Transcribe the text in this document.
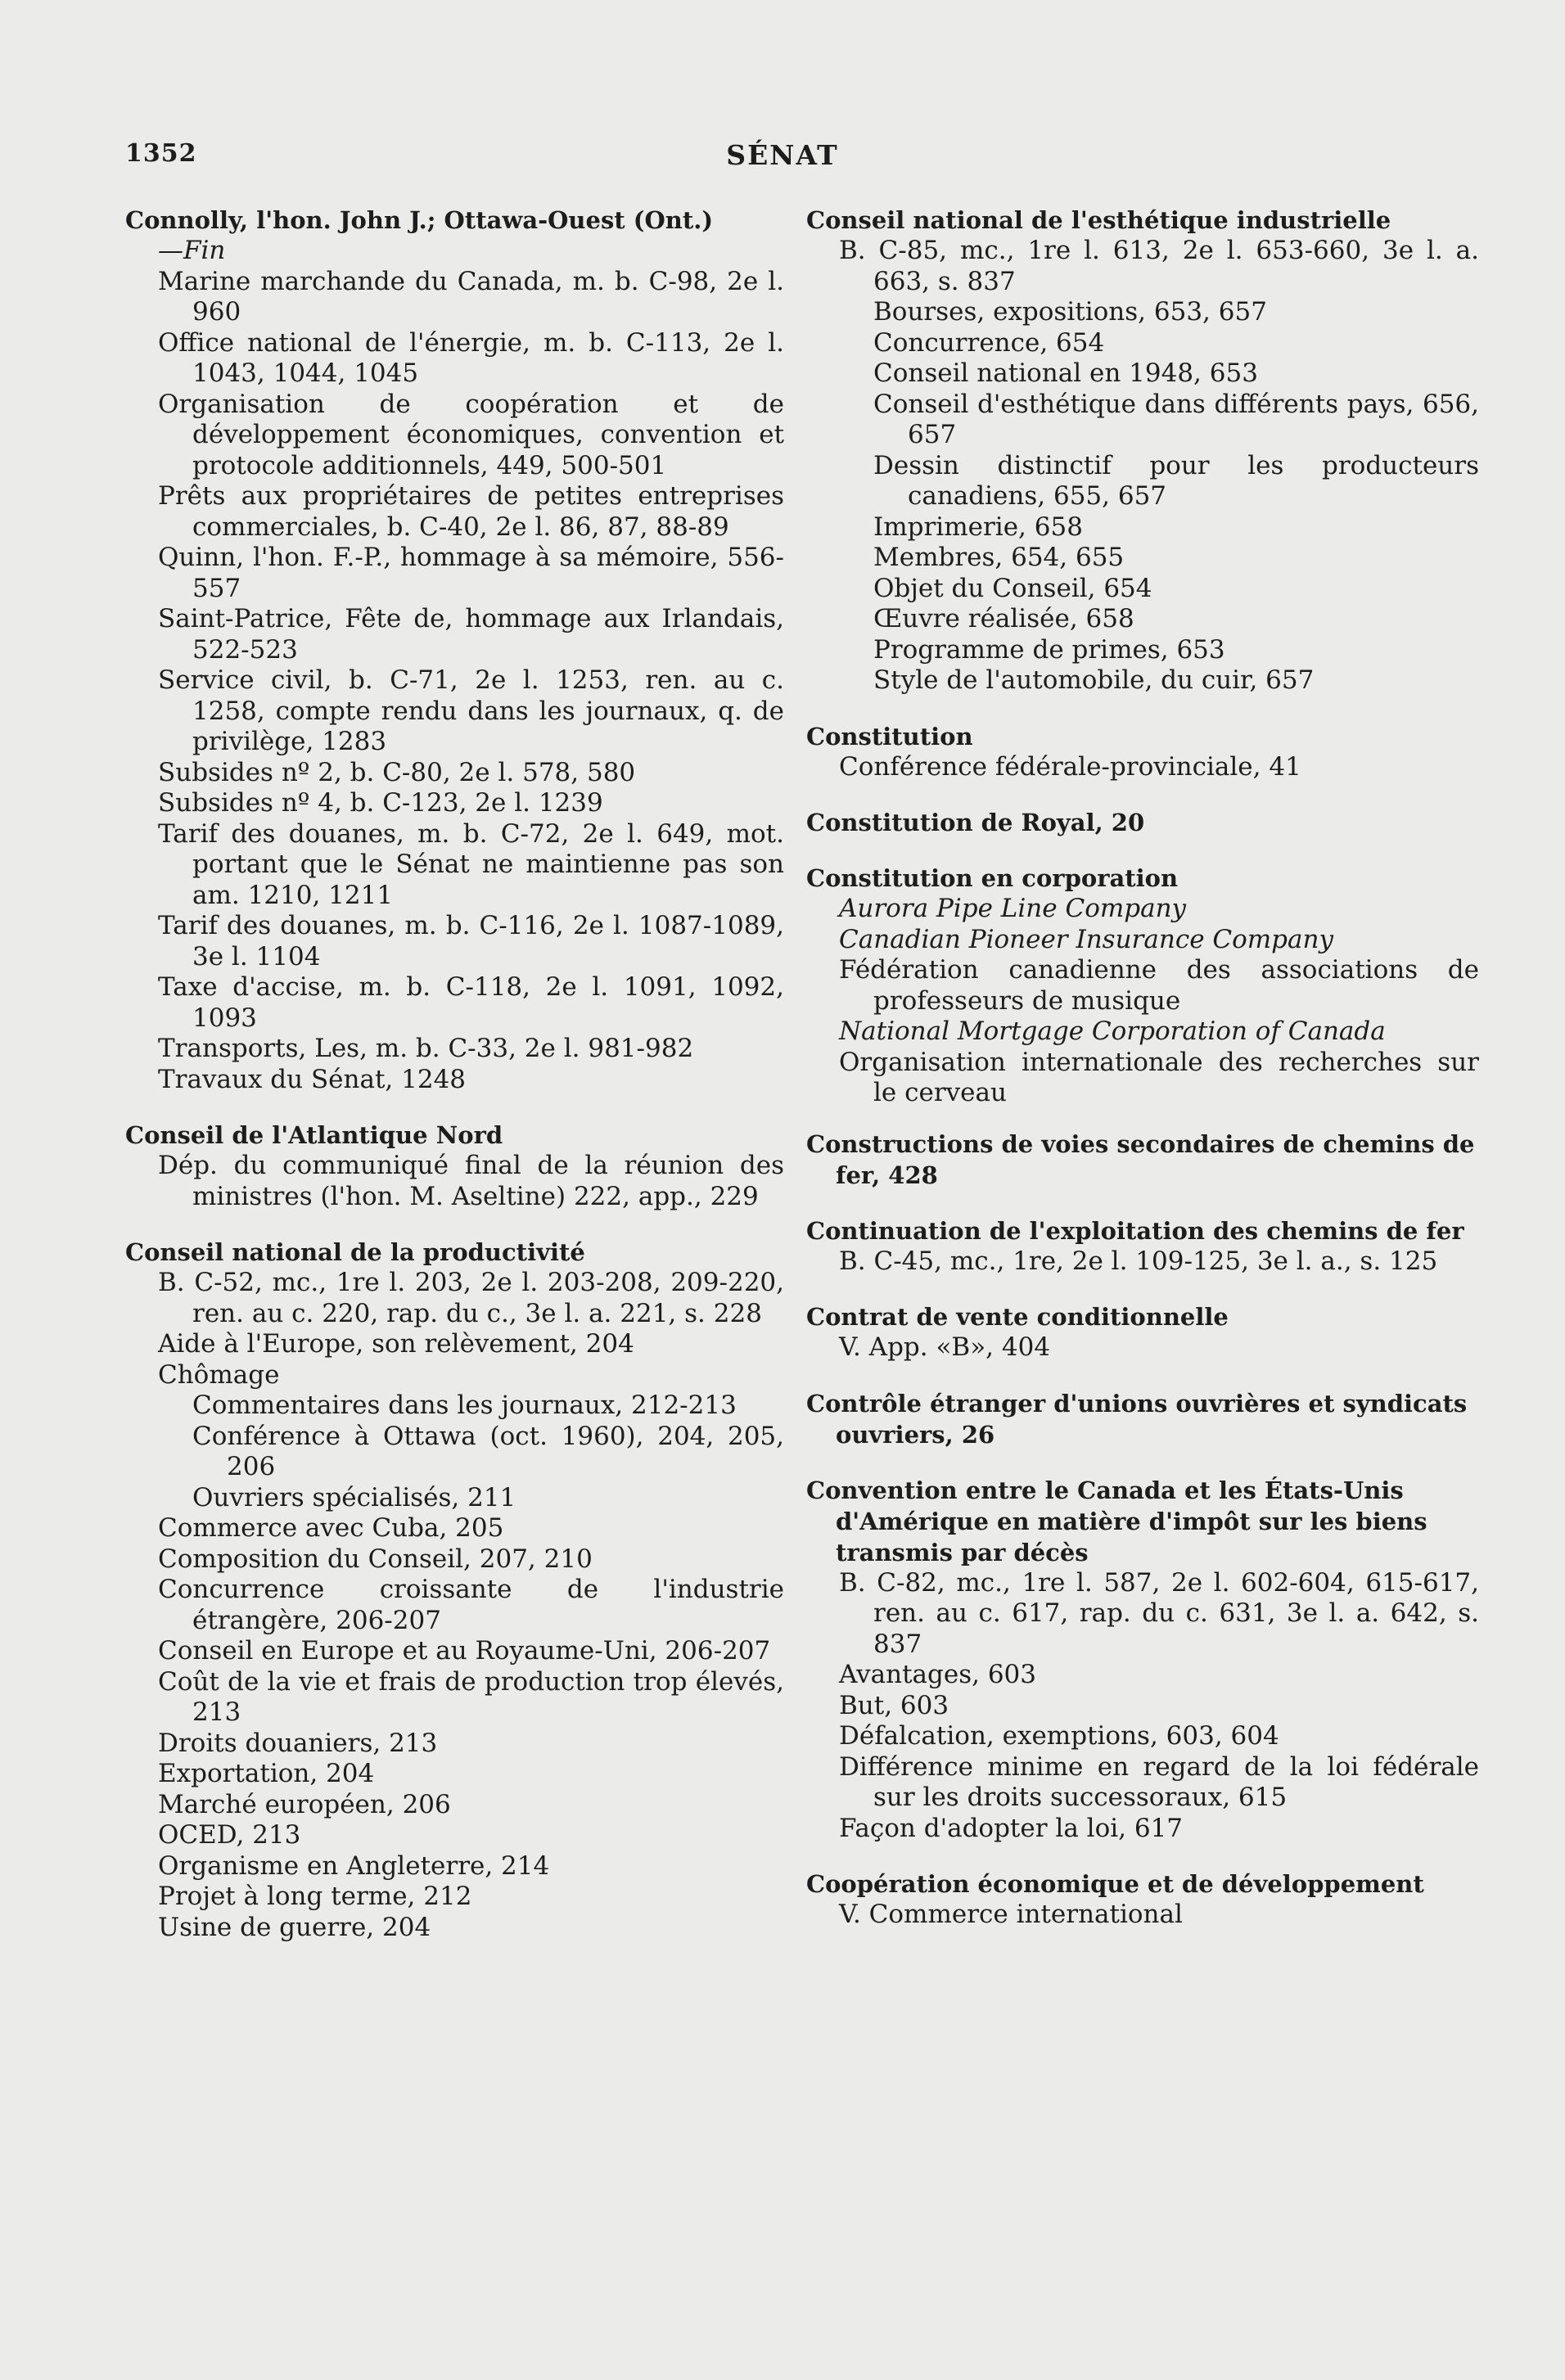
1352	SÉNAT
Connolly, l'hon. John J.; Ottawa-Ouest (Ont.)
—Fin
Marine marchande du Canada, m. b. C-98, 2e l. 960
Office national de l'énergie, m. b. C-113, 2e l. 1043, 1044, 1045
Organisation de coopération et de développement économiques, convention et protocole additionnels, 449, 500-501
Prêts aux propriétaires de petites entreprises commerciales, b. C-40, 2e l. 86, 87, 88-89
Quinn, l'hon. F.-P., hommage à sa mémoire, 556-557
Saint-Patrice, Fête de, hommage aux Irlandais, 522-523
Service civil, b. C-71, 2e l. 1253, ren. au c. 1258, compte rendu dans les journaux, q. de privilège, 1283
Subsides nº 2, b. C-80, 2e l. 578, 580
Subsides nº 4, b. C-123, 2e l. 1239
Tarif des douanes, m. b. C-72, 2e l. 649, mot. portant que le Sénat ne maintienne pas son am. 1210, 1211
Tarif des douanes, m. b. C-116, 2e l. 1087-1089, 3e l. 1104
Taxe d'accise, m. b. C-118, 2e l. 1091, 1092, 1093
Transports, Les, m. b. C-33, 2e l. 981-982
Travaux du Sénat, 1248
Conseil de l'Atlantique Nord
Dép. du communiqué final de la réunion des ministres (l'hon. M. Aseltine) 222, app., 229
Conseil national de la productivité
B. C-52, mc., 1re l. 203, 2e l. 203-208, 209-220, ren. au c. 220, rap. du c., 3e l. a. 221, s. 228
Aide à l'Europe, son relèvement, 204
Chômage
Commentaires dans les journaux, 212-213
Conférence à Ottawa (oct. 1960), 204, 205, 206
Ouvriers spécialisés, 211
Commerce avec Cuba, 205
Composition du Conseil, 207, 210
Concurrence croissante de l'industrie étrangère, 206-207
Conseil en Europe et au Royaume-Uni, 206-207
Coût de la vie et frais de production trop élevés, 213
Droits douaniers, 213
Exportation, 204
Marché européen, 206
OCED, 213
Organisme en Angleterre, 214
Projet à long terme, 212
Usine de guerre, 204
Conseil national de l'esthétique industrielle
B. C-85, mc., 1re l. 613, 2e l. 653-660, 3e l. a. 663, s. 837
Bourses, expositions, 653, 657
Concurrence, 654
Conseil national en 1948, 653
Conseil d'esthétique dans différents pays, 656, 657
Dessin distinctif pour les producteurs canadiens, 655, 657
Imprimerie, 658
Membres, 654, 655
Objet du Conseil, 654
Œuvre réalisée, 658
Programme de primes, 653
Style de l'automobile, du cuir, 657
Constitution
Conférence fédérale-provinciale, 41
Constitution de Royal, 20
Constitution en corporation
Aurora Pipe Line Company
Canadian Pioneer Insurance Company
Fédération canadienne des associations de professeurs de musique
National Mortgage Corporation of Canada
Organisation internationale des recherches sur le cerveau
Constructions de voies secondaires de chemins de fer, 428
Continuation de l'exploitation des chemins de fer
B. C-45, mc., 1re, 2e l. 109-125, 3e l. a., s. 125
Contrat de vente conditionnelle
V. App. «B», 404
Contrôle étranger d'unions ouvrières et syndicats ouvriers, 26
Convention entre le Canada et les États-Unis d'Amérique en matière d'impôt sur les biens transmis par décès
B. C-82, mc., 1re l. 587, 2e l. 602-604, 615-617, ren. au c. 617, rap. du c. 631, 3e l. a. 642, s. 837
Avantages, 603
But, 603
Défalcation, exemptions, 603, 604
Différence minime en regard de la loi fédérale sur les droits successoraux, 615
Façon d'adopter la loi, 617
Coopération économique et de développement
V. Commerce international
